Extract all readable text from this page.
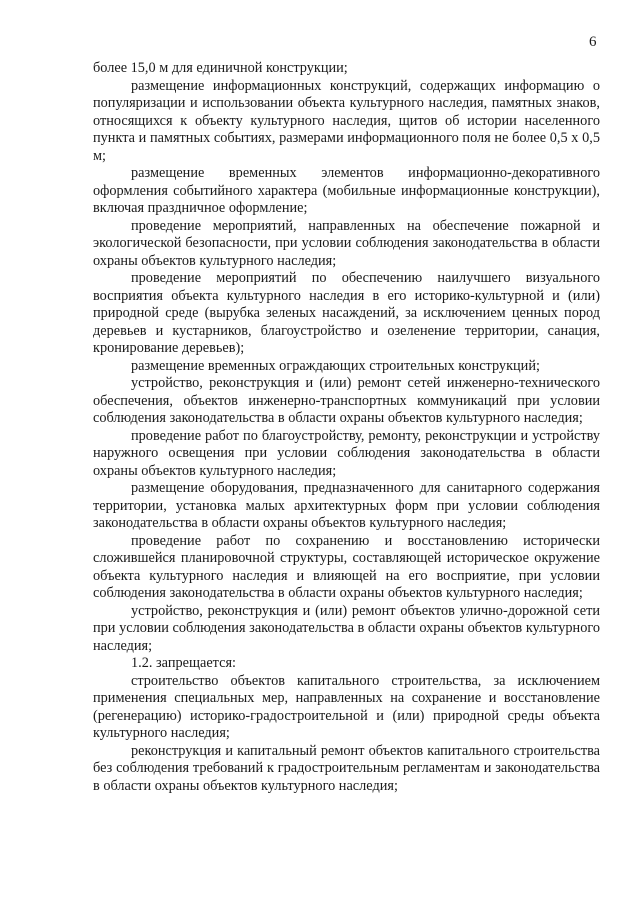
6

более 15,0 м для единичной конструкции;

размещение информационных конструкций, содержащих информацию о популяризации и использовании объекта культурного наследия, памятных знаков, относящихся к объекту культурного наследия, щитов об истории населенного пункта и памятных событиях, размерами информационного поля не более 0,5 x 0,5 м;

размещение временных элементов информационно-декоративного оформления событийного характера (мобильные информационные конструкции), включая праздничное оформление;

проведение мероприятий, направленных на обеспечение пожарной и экологической безопасности, при условии соблюдения законодательства в области охраны объектов культурного наследия;

проведение мероприятий по обеспечению наилучшего визуального восприятия объекта культурного наследия в его историко-культурной и (или) природной среде (вырубка зеленых насаждений, за исключением ценных пород деревьев и кустарников, благоустройство и озеленение территории, санация, кронирование деревьев);

размещение временных ограждающих строительных конструкций;

устройство, реконструкция и (или) ремонт сетей инженерно-технического обеспечения, объектов инженерно-транспортных коммуникаций при условии соблюдения законодательства в области охраны объектов культурного наследия;

проведение работ по благоустройству, ремонту, реконструкции и устройству наружного освещения при условии соблюдения законодательства в области охраны объектов культурного наследия;

размещение оборудования, предназначенного для санитарного содержания территории, установка малых архитектурных форм при условии соблюдения законодательства в области охраны объектов культурного наследия;

проведение работ по сохранению и восстановлению исторически сложившейся планировочной структуры, составляющей историческое окружение объекта культурного наследия и влияющей на его восприятие, при условии соблюдения законодательства в области охраны объектов культурного наследия;

устройство, реконструкция и (или) ремонт объектов улично-дорожной сети при условии соблюдения законодательства в области охраны объектов культурного наследия;

1.2. запрещается:

строительство объектов капитального строительства, за исключением применения специальных мер, направленных на сохранение и восстановление (регенерацию) историко-градостроительной и (или) природной среды объекта культурного наследия;

реконструкция и капитальный ремонт объектов капитального строительства без соблюдения требований к градостроительным регламентам и законодательства в области охраны объектов культурного наследия;
